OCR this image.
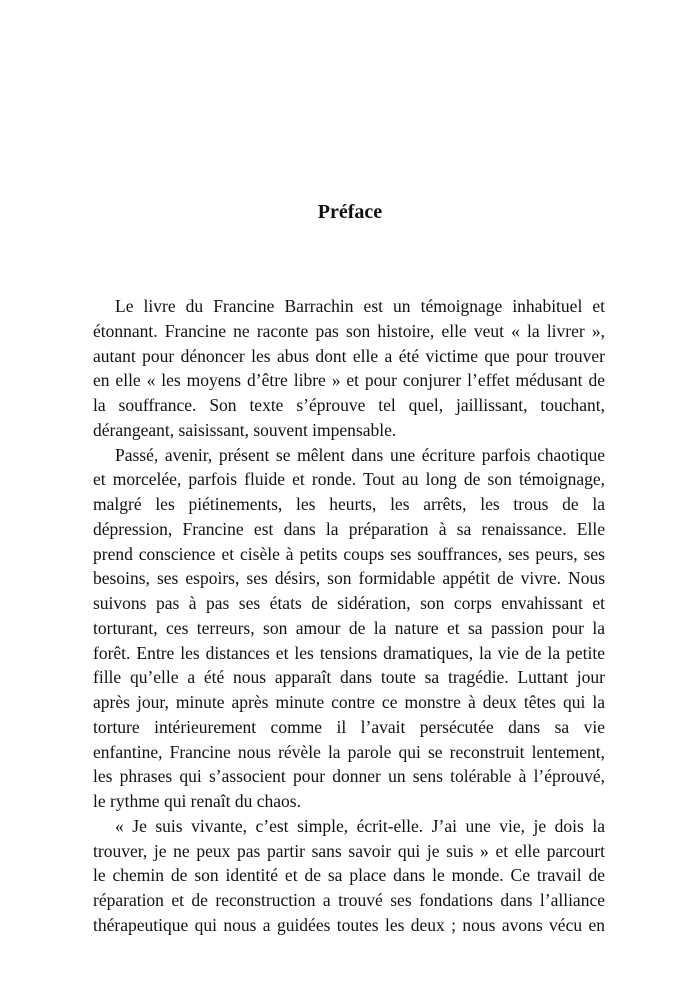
Préface
Le livre du Francine Barrachin est un témoignage inhabituel et
étonnant. Francine ne raconte pas son histoire, elle veut « la livrer »,
autant pour dénoncer les abus dont elle a été victime que pour trouver
en elle « les moyens d’être libre » et pour conjurer l’effet médusant de
la souffrance. Son texte s’éprouve tel quel, jaillissant, touchant,
dérangeant, saisissant, souvent impensable.
Passé, avenir, présent se mêlent dans une écriture parfois chaotique
et morcelée, parfois fluide et ronde. Tout au long de son témoignage,
malgré les piétinements, les heurts, les arrêts, les trous de la
dépression, Francine est dans la préparation à sa renaissance. Elle
prend conscience et cisèle à petits coups ses souffrances, ses peurs, ses
besoins, ses espoirs, ses désirs, son formidable appétit de vivre. Nous
suivons pas à pas ses états de sidération, son corps envahissant et
torturant, ces terreurs, son amour de la nature et sa passion pour la
forêt. Entre les distances et les tensions dramatiques, la vie de la petite
fille qu’elle a été nous apparaît dans toute sa tragédie. Luttant jour
après jour, minute après minute contre ce monstre à deux têtes qui la
torture intérieurement comme il l’avait persécutée dans sa vie
enfantine, Francine nous révèle la parole qui se reconstruit lentement,
les phrases qui s’associent pour donner un sens tolérable à l’éprouvé,
le rythme qui renaît du chaos.
« Je suis vivante, c’est simple, écrit-elle. J’ai une vie, je dois la
trouver, je ne peux pas partir sans savoir qui je suis » et elle parcourt
le chemin de son identité et de sa place dans le monde. Ce travail de
réparation et de reconstruction a trouvé ses fondations dans l’alliance
thérapeutique qui nous a guidées toutes les deux ; nous avons vécu en
